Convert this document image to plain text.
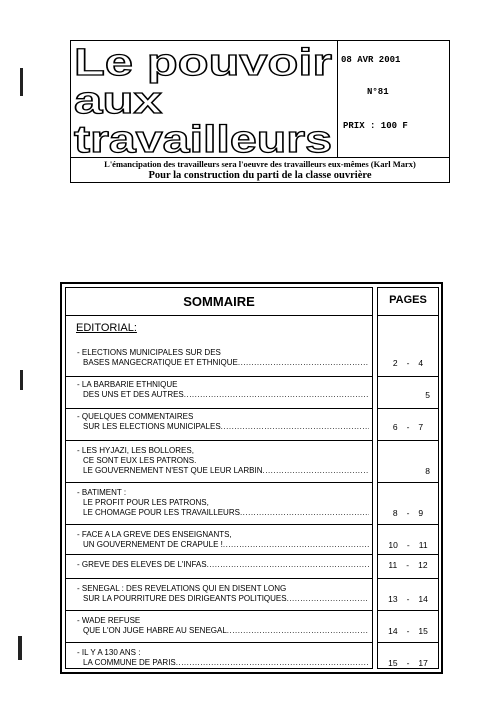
Le pouvoir
aux
travailleurs
08 AVR 2001
N°81
PRIX : 100 F
L'émancipation des travailleurs sera l'oeuvre des travailleurs eux-mêmes (Karl Marx)
Pour la construction du parti de la classe ouvrière
SOMMAIRE
EDITORIAL:
- ELECTIONS MUNICIPALES SUR DES
BASES MANGECRATIQUE ET ETHNIQUE
.....
- LA BARBARIE ETHNIQUE
DES UNS ET DES AUTRES
.....
- QUELQUES COMMENTAIRES
SUR LES ELECTIONS MUNICIPALES
.....
- LES HYJAZI, LES BOLLORES,
CE SONT EUX LES PATRONS.
LE GOUVERNEMENT N'EST QUE LEUR LARBIN
.....
- BATIMENT :
LE PROFIT POUR LES PATRONS,
LE CHOMAGE POUR LES TRAVAILLEURS
.....
- FACE A LA GREVE DES ENSEIGNANTS,
UN GOUVERNEMENT DE CRAPULE !
.....
- GREVE DES ELEVES DE L'INFAS
.....
- SENEGAL : DES REVELATIONS QUI EN DISENT LONG
SUR LA POURRITURE DES DIRIGEANTS POLITIQUES
.....
- WADE REFUSE
QUE L'ON JUGE HABRE AU SENEGAL
.....
- IL Y A 130 ANS :
LA COMMUNE DE PARIS
.....
PAGES
2 - 4
5
6 - 7
8
8 - 9
10 - 11
11 - 12
13 - 14
14 - 15
15 - 17
